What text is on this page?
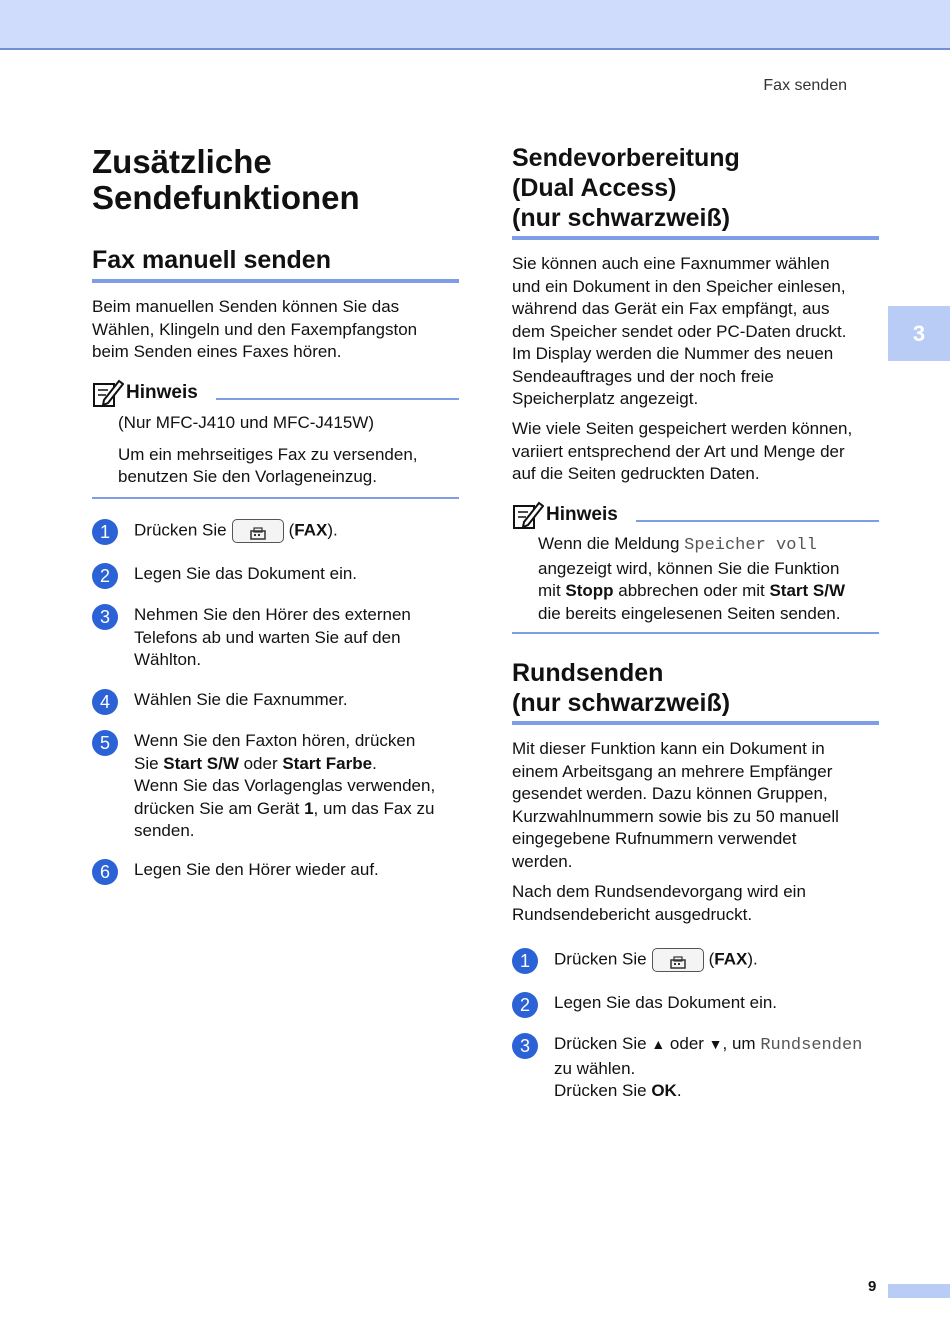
Fax senden
3
Zusätzliche
Sendefunktionen
Fax manuell senden

Beim manuellen Senden können Sie das

Wählen, Klingeln und den Faxempfangston

beim Senden eines Faxes hören.

Hinweis

(Nur MFC-J410 und MFC-J415W)

Um ein mehrseitiges Fax zu versenden,

benutzen Sie den Vorlageneinzug.

1	Drücken Sie	(FAX).
2	Legen Sie das Dokument ein.
3	Nehmen Sie den Hörer des externen
Telefons ab und warten Sie auf den
Wählton.
4	Wählen Sie die Faxnummer.
5	Wenn Sie den Faxton hören, drücken
Sie Start S/W oder Start Farbe.
Wenn Sie das Vorlagenglas verwenden,
drücken Sie am Gerät 1, um das Fax zu
senden.
6	Legen Sie den Hörer wieder auf.
Sendevorbereitung
(Dual Access)
(nur schwarzweiß)

Sie können auch eine Faxnummer wählen

und ein Dokument in den Speicher einlesen,

während das Gerät ein Fax empfängt, aus

dem Speicher sendet oder PC-Daten druckt.

Im Display werden die Nummer des neuen

Sendeauftrages und der noch freie

Speicherplatz angezeigt.

Wie viele Seiten gespeichert werden können,

variiert entsprechend der Art und Menge der

auf die Seiten gedruckten Daten.

Hinweis

Wenn die Meldung Speicher voll

angezeigt wird, können Sie die Funktion

mit Stopp abbrechen oder mit Start S/W

die bereits eingelesenen Seiten senden.

Rundsenden
(nur schwarzweiß)

Mit dieser Funktion kann ein Dokument in

einem Arbeitsgang an mehrere Empfänger

gesendet werden. Dazu können Gruppen,

Kurzwahlnummern sowie bis zu 50 manuell

eingegebene Rufnummern verwendet

werden.

Nach dem Rundsendevorgang wird ein

Rundsendebericht ausgedruckt.

1	Drücken Sie	(FAX).
2	Legen Sie das Dokument ein.
3	Drücken Sie ▲ oder ▼, um Rundsenden
zu wählen.
Drücken Sie OK.
9
